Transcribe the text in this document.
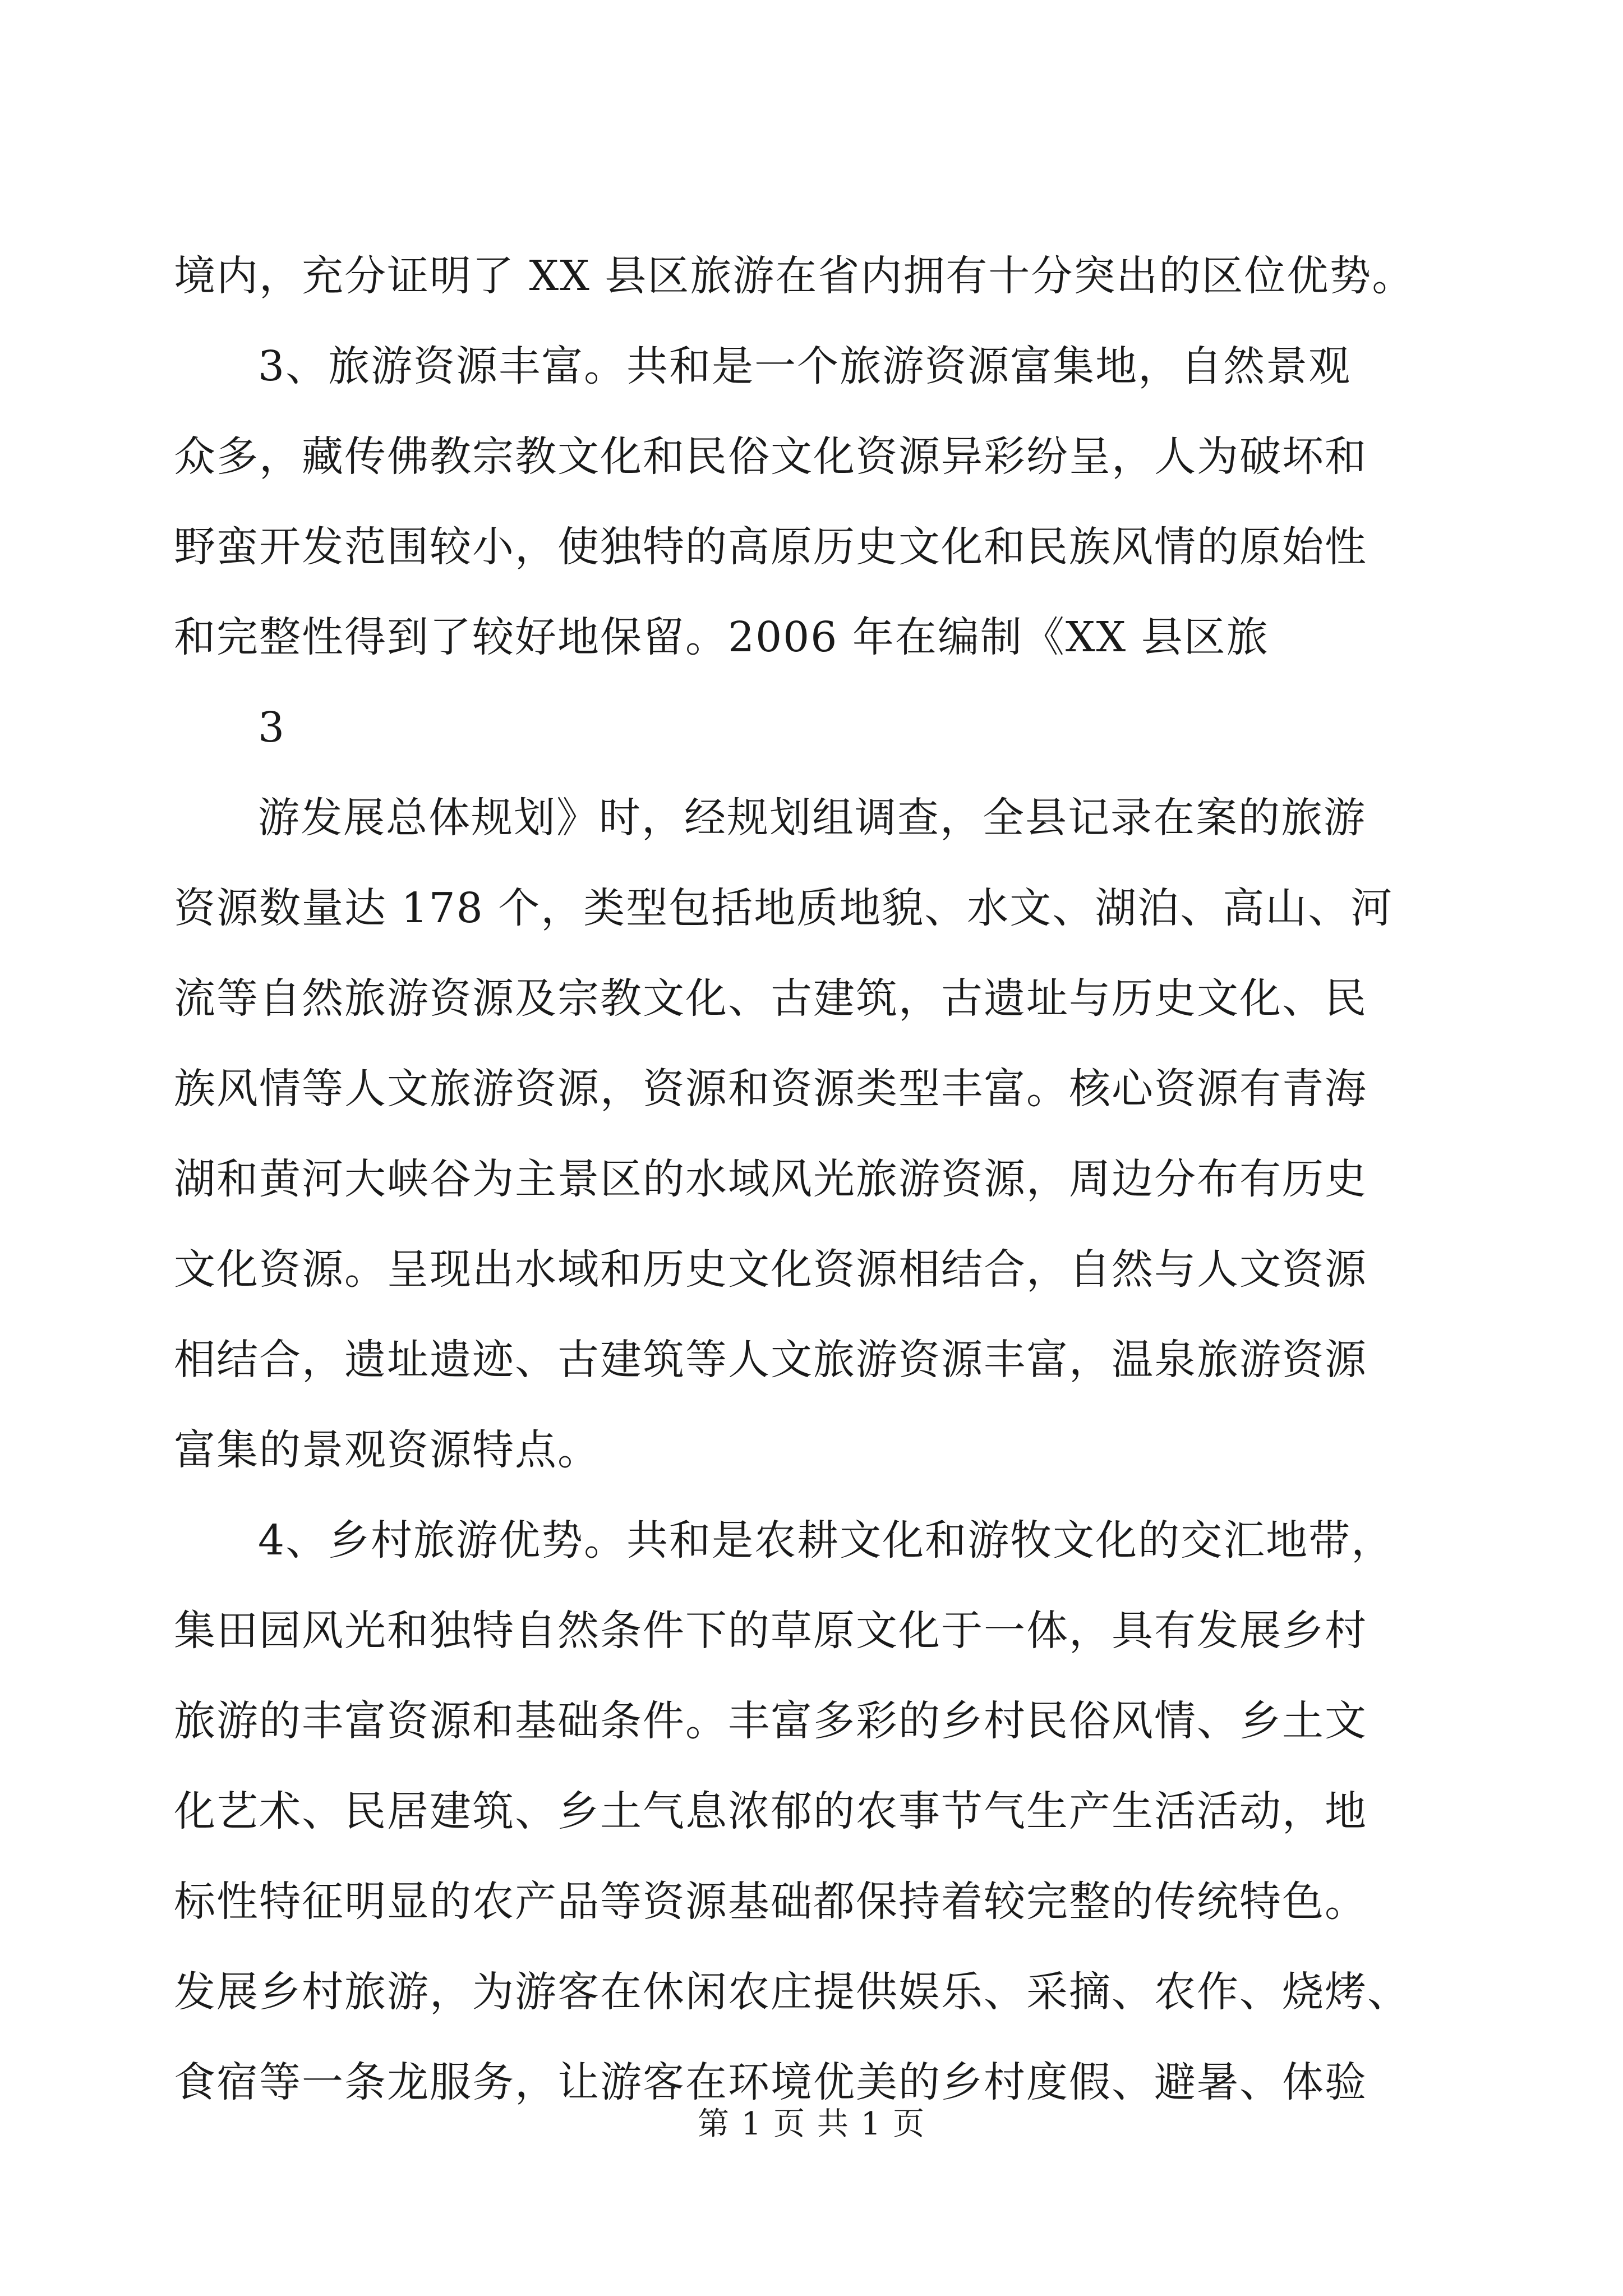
境内，充分证明了 XX 县区旅游在省内拥有十分突出的区位优势。
3、旅游资源丰富。共和是一个旅游资源富集地，自然景观
众多，藏传佛教宗教文化和民俗文化资源异彩纷呈，人为破坏和
野蛮开发范围较小，使独特的高原历史文化和民族风情的原始性
和完整性得到了较好地保留。2006 年在编制《XX 县区旅
3
游发展总体规划》时，经规划组调查，全县记录在案的旅游
资源数量达 178 个，类型包括地质地貌、水文、湖泊、高山、河
流等自然旅游资源及宗教文化、古建筑，古遗址与历史文化、民
族风情等人文旅游资源，资源和资源类型丰富。核心资源有青海
湖和黄河大峡谷为主景区的水域风光旅游资源，周边分布有历史
文化资源。呈现出水域和历史文化资源相结合，自然与人文资源
相结合，遗址遗迹、古建筑等人文旅游资源丰富，温泉旅游资源
富集的景观资源特点。
4、乡村旅游优势。共和是农耕文化和游牧文化的交汇地带，
集田园风光和独特自然条件下的草原文化于一体，具有发展乡村
旅游的丰富资源和基础条件。丰富多彩的乡村民俗风情、乡土文
化艺术、民居建筑、乡土气息浓郁的农事节气生产生活活动，地
标性特征明显的农产品等资源基础都保持着较完整的传统特色。
发展乡村旅游，为游客在休闲农庄提供娱乐、采摘、农作、烧烤、
食宿等一条龙服务，让游客在环境优美的乡村度假、避暑、体验
第 1 页 共 1 页
